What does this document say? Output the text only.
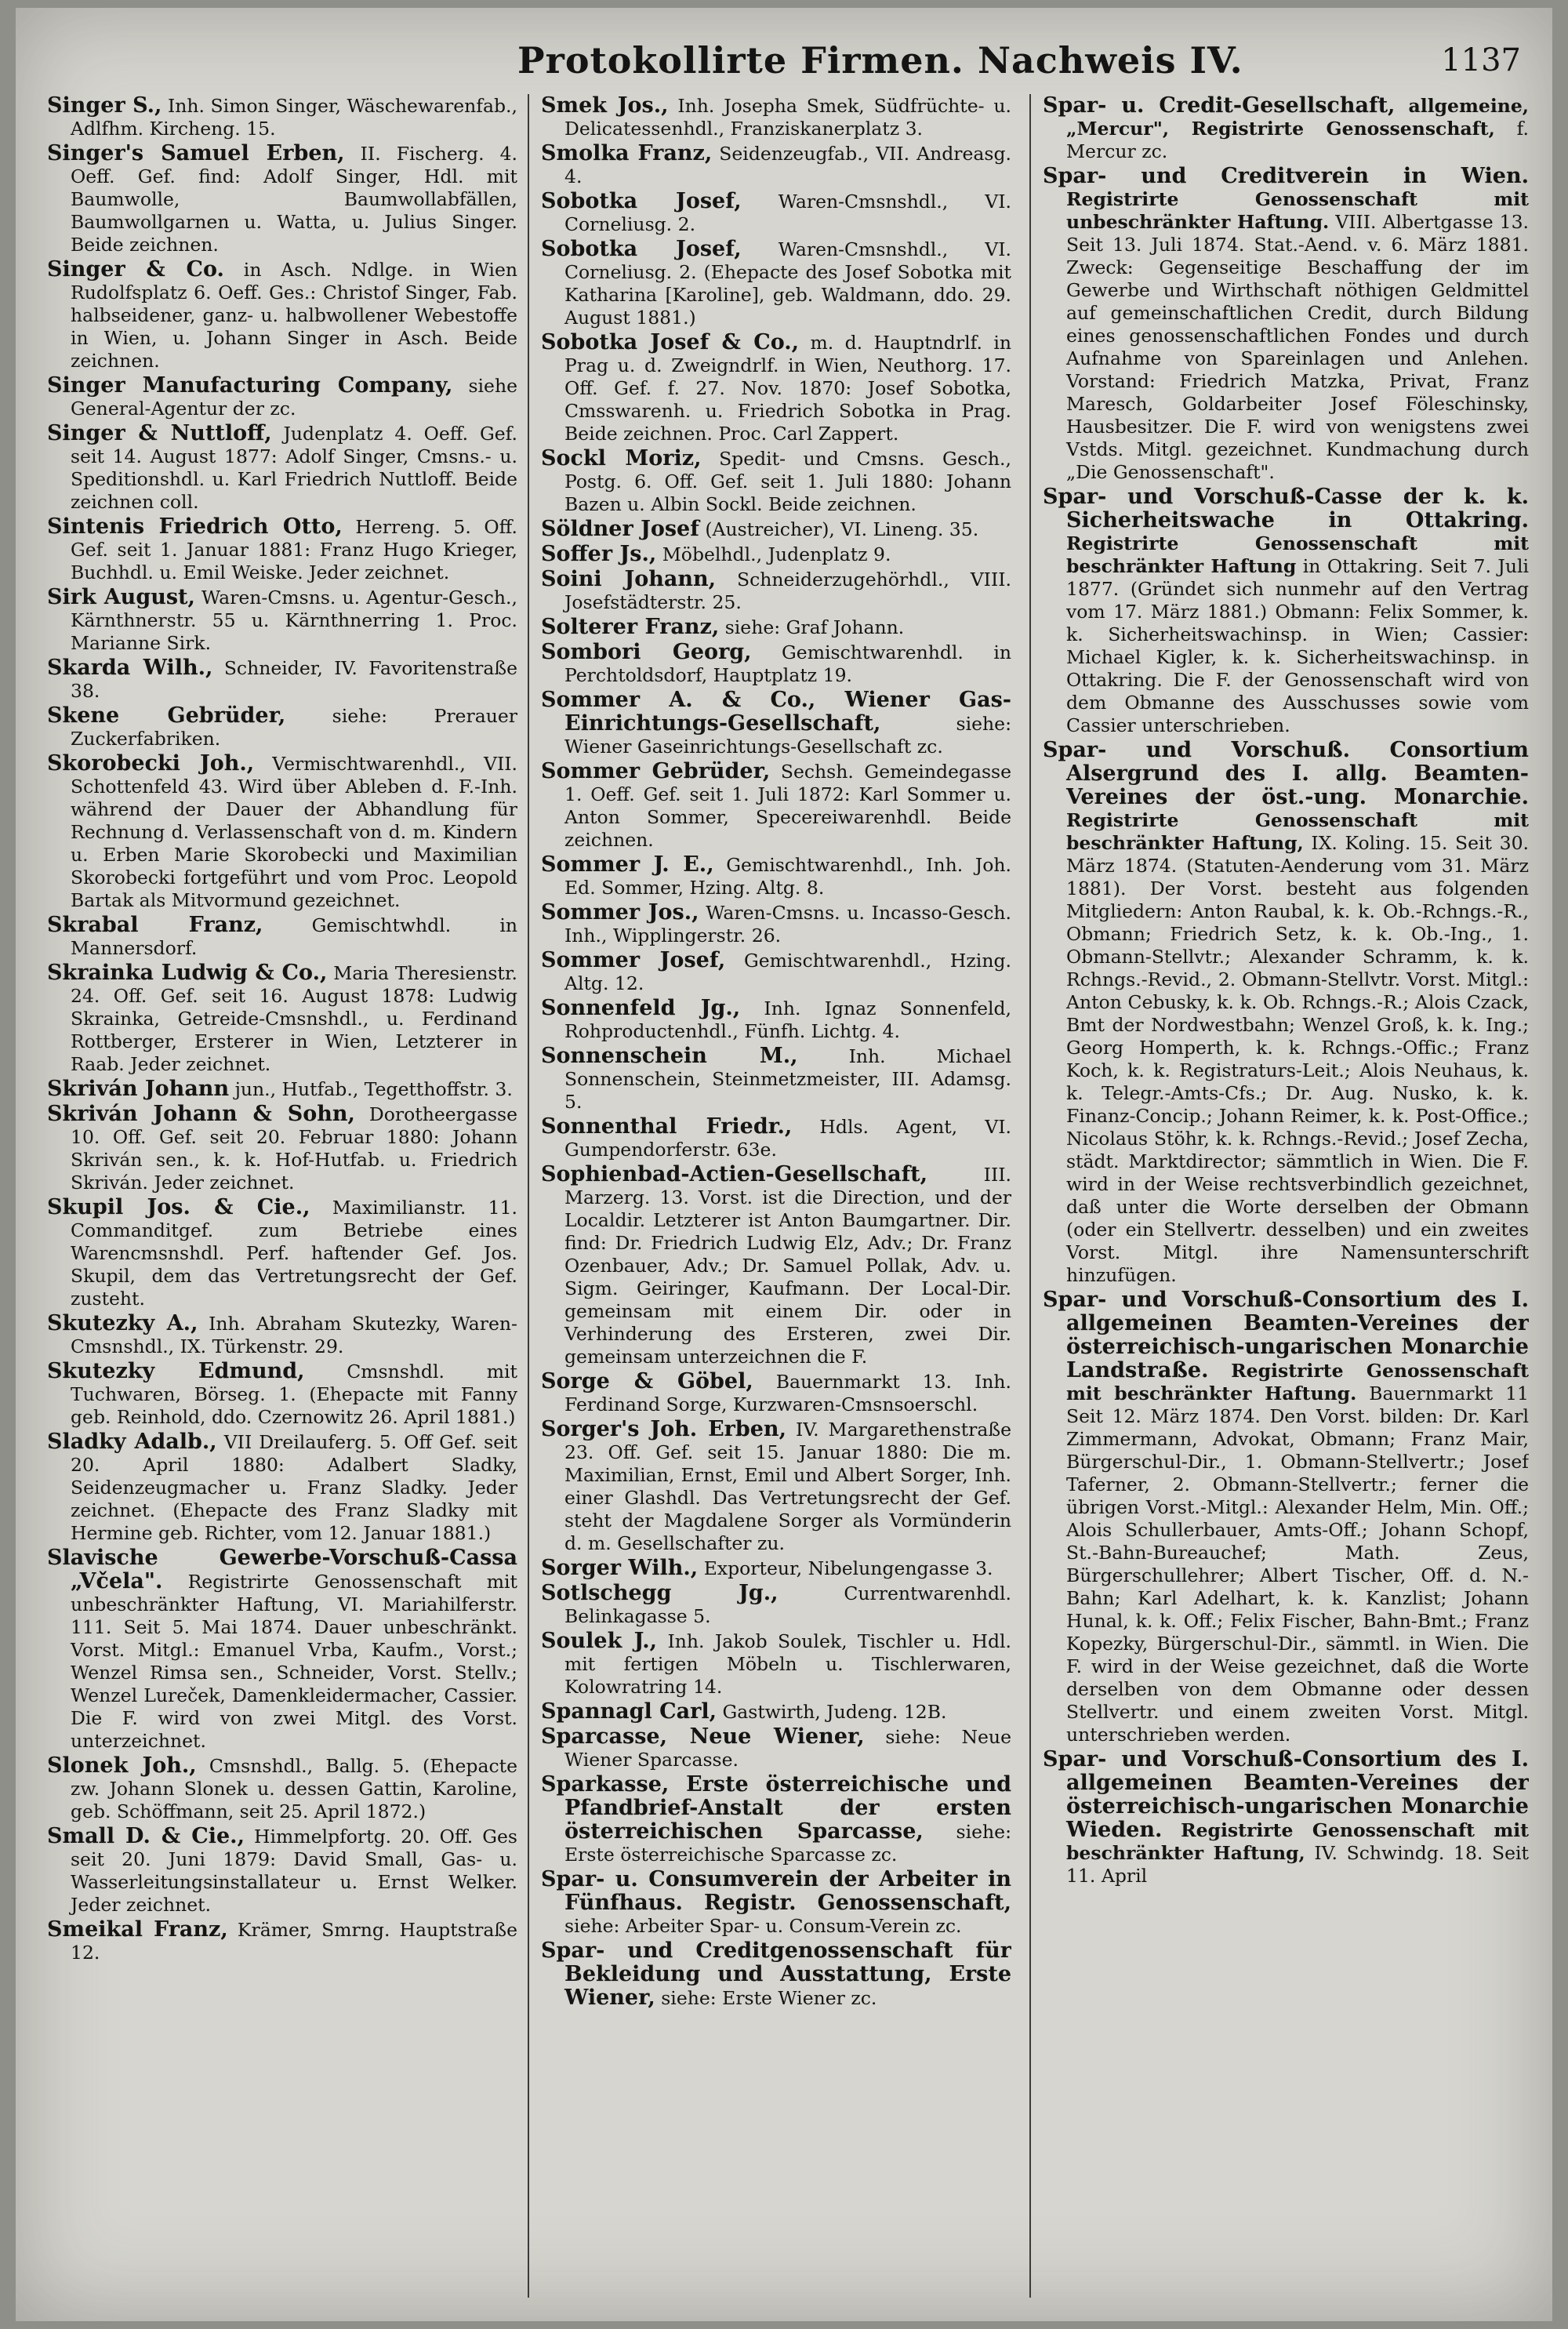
Protokollirte Firmen. Nachweis IV.	1137

Singer S., Inh. Simon Singer, Wäschewarenfab., Adlfhm. Kircheng. 15.

Singer's Samuel Erben, II. Fischerg. 4. Oeff. Gef. find: Adolf Singer, Hdl. mit Baumwolle, Baumwollabfällen, Baumwollgarnen u. Watta, u. Julius Singer. Beide zeichnen.

Singer & Co. in Asch. Ndlge. in Wien Rudolfsplatz 6. Oeff. Ges.: Christof Singer, Fab. halbseidener, ganz- u. halbwollener Webestoffe in Wien, u. Johann Singer in Asch. Beide zeichnen.

Singer Manufacturing Company, siehe General-Agentur der zc.

Singer & Nuttloff, Judenplatz 4. Oeff. Gef. seit 14. August 1877: Adolf Singer, Cmsns.- u. Speditionshdl. u. Karl Friedrich Nuttloff. Beide zeichnen coll.

Sintenis Friedrich Otto, Herreng. 5. Off. Gef. seit 1. Januar 1881: Franz Hugo Krieger, Buchhdl. u. Emil Weiske. Jeder zeichnet.

Sirk August, Waren-Cmsns. u. Agentur-Gesch., Kärnthnerstr. 55 u. Kärnthnerring 1. Proc. Marianne Sirk.

Skarda Wilh., Schneider, IV. Favoritenstraße 38.

Skene Gebrüder,	siehe: Prerauer Zuckerfabriken.

Skorobecki Joh., Vermischtwarenhdl., VII. Schottenfeld 43. Wird über Ableben d. F.-Inh. während der Dauer der Abhandlung für Rechnung d. Verlassenschaft von d. m. Kindern u. Erben Marie Skorobecki und Maximilian Skorobecki fortgeführt und vom Proc. Leopold Bartak als Mitvormund gezeichnet.

Skrabal Franz,	Gemischtwhdl. in Mannersdorf.

Skrainka Ludwig & Co., Maria Theresienstr. 24. Off. Gef. seit 16. August 1878: Ludwig Skrainka, Getreide-Cmsnshdl., u. Ferdinand Rottberger, Ersterer in Wien, Letzterer in Raab. Jeder zeichnet.

Skriván Johann jun., Hutfab., Tegetthoffstr. 3.

Skriván Johann & Sohn, Dorotheergasse 10. Off. Gef. seit 20. Februar 1880: Johann Skriván sen., k. k. Hof-Hutfab. u. Friedrich Skriván. Jeder zeichnet.

Skupil Jos. & Cie., Maximilianstr. 11. Commanditgef. zum Betriebe eines Warencmsnshdl. Perf. haftender Gef. Jos. Skupil, dem das Vertretungsrecht der Gef. zusteht.

Skutezky A., Inh. Abraham Skutezky, Waren-Cmsnshdl., IX. Türkenstr. 29.

Skutezky Edmund, Cmsnshdl. mit Tuchwaren, Börseg. 1. (Ehepacte mit Fanny geb. Reinhold, ddo. Czernowitz 26. April 1881.)

Sladky Adalb., VII Dreilauferg. 5. Off Gef. seit 20. April 1880: Adalbert Sladky, Seidenzeugmacher u. Franz Sladky. Jeder zeichnet. (Ehepacte des Franz Sladky mit Hermine geb. Richter, vom 12. Januar 1881.)

Slavische Gewerbe-Vorschuß-Cassa „Včela". Registrirte Genossenschaft mit unbeschränkter Haftung, VI. Mariahilferstr. 111. Seit 5. Mai 1874. Dauer unbeschränkt. Vorst. Mitgl.: Emanuel Vrba, Kaufm., Vorst.; Wenzel Rimsa sen., Schneider, Vorst. Stellv.; Wenzel Lureček, Damenkleidermacher, Cassier. Die F. wird von zwei Mitgl. des Vorst. unterzeichnet.

Slonek Joh., Cmsnshdl., Ballg. 5. (Ehepacte zw. Johann Slonek u. dessen Gattin, Karoline, geb. Schöffmann, seit 25. April 1872.)

Small D. & Cie., Himmelpfortg. 20. Off. Ges seit 20. Juni 1879: David Small, Gas- u. Wasserleitungsinstallateur u. Ernst Welker. Jeder zeichnet.

Smeikal Franz, Krämer, Smrng. Hauptstraße 12.

Smek Jos., Inh. Josepha Smek, Südfrüchte- u. Delicatessenhdl., Franziskanerplatz 3.

Smolka Franz, Seidenzeugfab., VII. Andreasg. 4.

Sobotka Josef, Waren-Cmsnshdl., VI. Corneliusg. 2.

Sobotka Josef, Waren-Cmsnshdl., VI. Corneliusg. 2. (Ehepacte des Josef Sobotka mit Katharina [Karoline], geb. Waldmann, ddo. 29. August 1881.)

Sobotka Josef & Co., m. d. Hauptndrlf. in Prag u. d. Zweigndrlf. in Wien, Neuthorg. 17. Off. Gef. f. 27. Nov. 1870: Josef Sobotka, Cmsswarenh. u. Friedrich Sobotka in Prag. Beide zeichnen. Proc. Carl Zappert.

Sockl Moriz, Spedit- und Cmsns. Gesch., Postg. 6. Off. Gef. seit 1. Juli 1880: Johann Bazen u. Albin Sockl. Beide zeichnen.

Söldner Josef (Austreicher), VI. Lineng. 35.

Soffer Js., Möbelhdl., Judenplatz 9.

Soini Johann, Schneiderzugehörhdl., VIII. Josefstädterstr. 25.

Solterer Franz, siehe: Graf Johann.

Sombori Georg, Gemischtwarenhdl. in Perchtoldsdorf, Hauptplatz 19.

Sommer A. & Co., Wiener Gas-Einrichtungs-Gesellschaft,	siehe: Wiener Gaseinrichtungs-Gesellschaft zc.

Sommer Gebrüder, Sechsh. Gemeindegasse 1. Oeff. Gef. seit 1. Juli 1872: Karl Sommer u. Anton Sommer, Specereiwarenhdl. Beide zeichnen.

Sommer J. E., Gemischtwarenhdl., Inh. Joh. Ed. Sommer, Hzing. Altg. 8.

Sommer Jos., Waren-Cmsns. u. Incasso-Gesch. Inh., Wipplingerstr. 26.

Sommer Josef, Gemischtwarenhdl., Hzing. Altg. 12.

Sonnenfeld Jg., Inh. Ignaz Sonnenfeld, Rohproductenhdl., Fünfh. Lichtg. 4.

Sonnenschein M.,	Inh. Michael Sonnenschein, Steinmetzmeister, III. Adamsg. 5.

Sonnenthal Friedr., Hdls. Agent, VI. Gumpendorferstr. 63e.

Sophienbad-Actien-Gesellschaft,	III. Marzerg. 13. Vorst. ist die Direction, und der Localdir. Letzterer ist Anton Baumgartner. Dir. find: Dr. Friedrich Ludwig Elz, Adv.; Dr. Franz Ozenbauer, Adv.; Dr. Samuel Pollak, Adv. u. Sigm. Geiringer, Kaufmann. Der Local-Dir. gemeinsam mit einem Dir. oder in Verhinderung des Ersteren, zwei Dir. gemeinsam unterzeichnen die F.

Sorge & Göbel, Bauernmarkt 13. Inh. Ferdinand Sorge, Kurzwaren-Cmsnsoerschl.

Sorger's Joh. Erben, IV. Margarethenstraße 23. Off. Gef. seit 15. Januar 1880: Die m. Maximilian, Ernst, Emil und Albert Sorger, Inh. einer Glashdl. Das Vertretungsrecht der Gef. steht der Magdalene Sorger als Vormünderin d. m. Gesellschafter zu.

Sorger Wilh., Exporteur, Nibelungengasse 3.

Sotlschegg Jg.,	Currentwarenhdl. Belinkagasse 5.

Soulek J., Inh. Jakob Soulek, Tischler u. Hdl. mit fertigen Möbeln u. Tischlerwaren, Kolowratring 14.

Spannagl Carl, Gastwirth, Judeng. 12B.

Sparcasse, Neue Wiener, siehe: Neue Wiener Sparcasse.

Sparkasse, Erste österreichische und Pfandbrief-Anstalt der ersten österreichischen Sparcasse, siehe: Erste österreichische Sparcasse zc.

Spar- u. Consumverein der Arbeiter in Fünfhaus. Registr. Genossenschaft, siehe: Arbeiter Spar- u. Consum-Verein zc.

Spar- und Creditgenossenschaft für Bekleidung und Ausstattung, Erste Wiener, siehe: Erste Wiener zc.

Spar- u. Credit-Gesellschaft, allgemeine, „Mercur", Registrirte Genossenschaft, f. Mercur zc.

Spar- und Creditverein in Wien. Registrirte Genossenschaft mit unbeschränkter Haftung. VIII. Albertgasse 13. Seit 13. Juli 1874. Stat.-Aend. v. 6. März 1881. Zweck: Gegenseitige Beschaffung der im Gewerbe und Wirthschaft nöthigen Geldmittel auf gemeinschaftlichen Credit, durch Bildung eines genossenschaftlichen Fondes und durch Aufnahme von Spareinlagen und Anlehen. Vorstand: Friedrich Matzka, Privat, Franz Maresch, Goldarbeiter Josef Föleschinsky, Hausbesitzer. Die F. wird von wenigstens zwei Vstds. Mitgl. gezeichnet. Kundmachung durch „Die Genossenschaft".

Spar- und Vorschuß-Casse der k. k. Sicherheitswache in Ottakring. Registrirte Genossenschaft mit beschränkter Haftung in Ottakring. Seit 7. Juli 1877. (Gründet sich nunmehr auf den Vertrag vom 17. März 1881.) Obmann: Felix Sommer, k. k. Sicherheitswachinsp. in Wien; Cassier: Michael Kigler, k. k. Sicherheitswachinsp. in Ottakring. Die F. der Genossenschaft wird von dem Obmanne des Ausschusses sowie vom Cassier unterschrieben.

Spar- und Vorschuß. Consortium Alsergrund des I. allg. Beamten-Vereines der öst.-ung. Monarchie. Registrirte Genossenschaft mit beschränkter Haftung, IX. Koling. 15. Seit 30. März 1874. (Statuten-Aenderung vom 31. März 1881). Der Vorst. besteht aus folgenden Mitgliedern: Anton Raubal, k. k. Ob.-Rchngs.-R., Obmann; Friedrich Setz, k. k. Ob.-Ing., 1. Obmann-Stellvtr.; Alexander Schramm, k. k. Rchngs.-Revid., 2. Obmann-Stellvtr. Vorst. Mitgl.: Anton Cebusky, k. k. Ob. Rchngs.-R.; Alois Czack, Bmt der Nordwestbahn; Wenzel Groß, k. k. Ing.; Georg Homperth, k. k. Rchngs.-Offic.; Franz Koch, k. k. Registraturs-Leit.; Alois Neuhaus, k. k. Telegr.-Amts-Cfs.; Dr. Aug. Nusko, k. k. Finanz-Concip.; Johann Reimer, k. k. Post-Office.; Nicolaus Stöhr, k. k. Rchngs.-Revid.; Josef Zecha, städt. Marktdirector; sämmtlich in Wien. Die F. wird in der Weise rechtsverbindlich gezeichnet, daß unter die Worte derselben der Obmann (oder ein Stellvertr. desselben) und ein zweites Vorst. Mitgl. ihre Namensunterschrift hinzufügen.

Spar- und Vorschuß-Consortium des I. allgemeinen Beamten-Vereines der österreichisch-ungarischen Monarchie Landstraße. Registrirte Genossenschaft mit beschränkter Haftung. Bauernmarkt 11 Seit 12. März 1874. Den Vorst. bilden: Dr. Karl Zimmermann, Advokat, Obmann; Franz Mair, Bürgerschul-Dir., 1. Obmann-Stellvertr.; Josef Taferner, 2. Obmann-Stellvertr.; ferner die übrigen Vorst.-Mitgl.: Alexander Helm, Min. Off.; Alois Schullerbauer, Amts-Off.; Johann Schopf, St.-Bahn-Bureauchef; Math. Zeus, Bürgerschullehrer; Albert Tischer, Off. d. N.-Bahn; Karl Adelhart, k. k. Kanzlist; Johann Hunal, k. k. Off.; Felix Fischer, Bahn-Bmt.; Franz Kopezky, Bürgerschul-Dir., sämmtl. in Wien. Die F. wird in der Weise gezeichnet, daß die Worte derselben von dem Obmanne oder dessen Stellvertr. und einem zweiten Vorst. Mitgl. unterschrieben werden.

Spar- und Vorschuß-Consortium des I. allgemeinen Beamten-Vereines der österreichisch-ungarischen Monarchie Wieden. Registrirte Genossenschaft mit beschränkter Haftung, IV. Schwindg. 18. Seit 11. April
